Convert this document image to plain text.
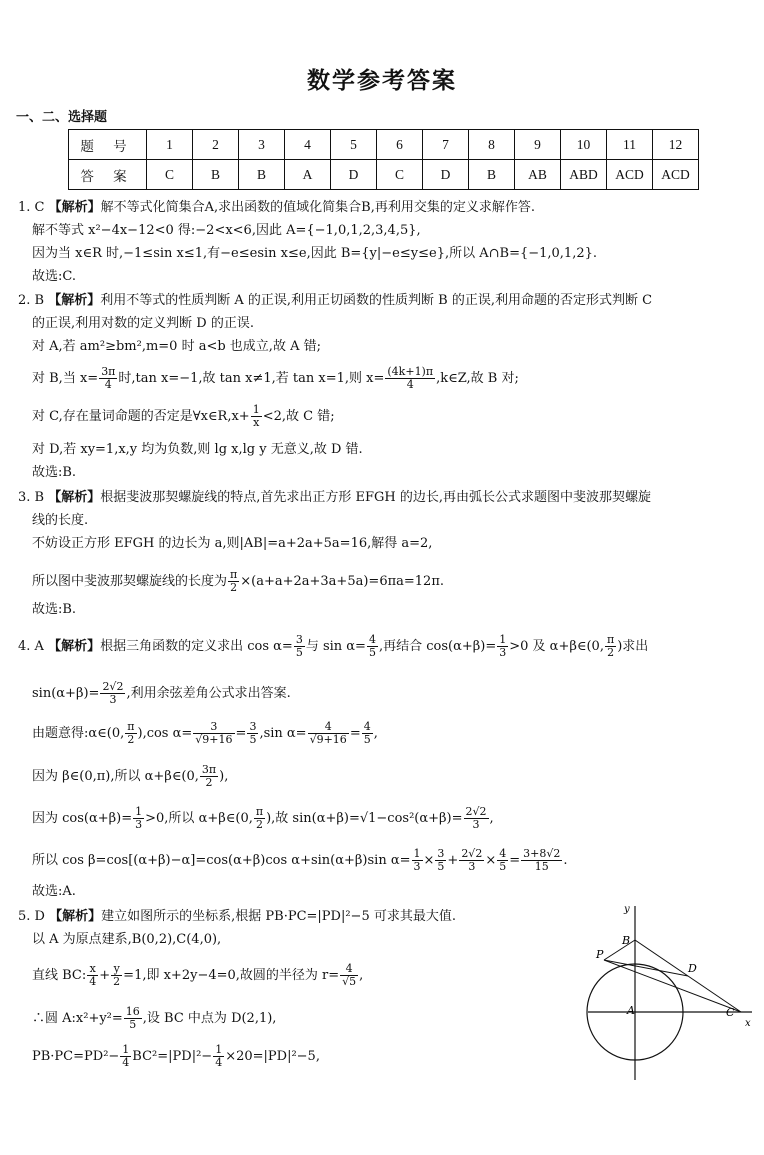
数学参考答案
一、二、选择题
题 号	1	2	3	4	5	6	7	8	9	10	11	12
答 案	C	B	B	A	D	C	D	B	AB	ABD	ACD	ACD
1. C 【解析】解不等式化简集合A,求出函数的值域化简集合B,再利用交集的定义求解作答.
解不等式 x²−4x−12<0 得:−2<x<6,因此 A={−1,0,1,2,3,4,5},
因为当 x∈R 时,−1≤sin x≤1,有−e≤esin x≤e,因此 B={y|−e≤y≤e},所以 A∩B={−1,0,1,2}.
故选:C.
2. B 【解析】利用不等式的性质判断 A 的正误,利用正切函数的性质判断 B 的正误,利用命题的否定形式判断 C
的正误,利用对数的定义判断 D 的正误.
对 A,若 am²≥bm²,m=0 时 a<b 也成立,故 A 错;
对 B,当 $x= \frac{3\pi}{4}$ 时,tan x=−1,故 tan x≠1,若 tan x=1,则 $x= \frac{(4k+1)\pi}{4}$ ,k∈Z,故 B 对;
对 C,存在量词命题的否定是∀x∈R,x+ $\frac{1}{x} <2$,故 C 错;
对 D,若 xy=1,x,y 均为负数,则 lg x,lg y 无意义,故 D 错.
故选:B.
3. B 【解析】根据斐波那契螺旋线的特点,首先求出正方形 EFGH 的边长,再由弧长公式求题图中斐波那契螺旋
线的长度.
不妨设正方形 EFGH 的边长为 a,则|AB|=a+2a+5a=16,解得 a=2,
所以图中斐波那契螺旋线的长度为 $\frac{\pi}{2} \times(a+a+2a+3a+5a)=6\pi a=12\pi$.
故选:B.
4. A 【解析】根据三角函数的定义求出 $\cos \alpha= \frac{3}{5}$ 与 $\sin \alpha= \frac{4}{5}$ ,再结合 $\cos(\alpha+\beta)= \frac{1}{3} >0$ 及 α+β∈(0, $\frac{\pi}{2}$ )求出
$\sin(\alpha+\beta)= \frac{2√2}{3}$ ,利用余弦差角公式求出答案.
由题意得:α∈(0, $\frac{\pi}{2} ),\cos$ $\alpha= \frac{3}{√9+16} = \frac{3}{5} ,\sin$ $\alpha= \frac{4}{√9+16} = \frac{4}{5}$ ,
因为 β∈(0,π),所以 α+β∈(0, $\frac{3\pi}{2}$ ),
因为 $\cos(\alpha+\beta)= \frac{1}{3} >0$,所以 α+β∈(0, $\frac{\pi}{2}$ ),故 $\sin(\alpha+\beta)=√1-\cos^2(\alpha+\beta)= \frac{2√2}{3}$ ,
所以 cos β=cos[(α+β)−α]=cos(α+β)cos α+sin(α+β)sin $\alpha= \frac{1}{3} \times \frac{3}{5} + \frac{2√2}{3} \times \frac{4}{5} = \frac{3+8√2}{15}$ .
故选:A.
5. D 【解析】建立如图所示的坐标系,根据 PB·PC=|PD|²−5 可求其最大值.
以 A 为原点建系,B(0,2),C(4,0),
直线 BC: $\frac{x}{4} + \frac{y}{2} =1$,即 x+2y−4=0,故圆的半径为 $r= \frac{4}{√5}$ ,
∴圆 A:x²+y²= $\frac{16}{5}$ ,设 BC 中点为 D(2,1),
$PB\cdot PC=PD^2- \frac{1}{4} BC^2=|PD|^2- \frac{1}{4} \times 20=|PD|^2-5$,
y
x
B
P
D
A	C
